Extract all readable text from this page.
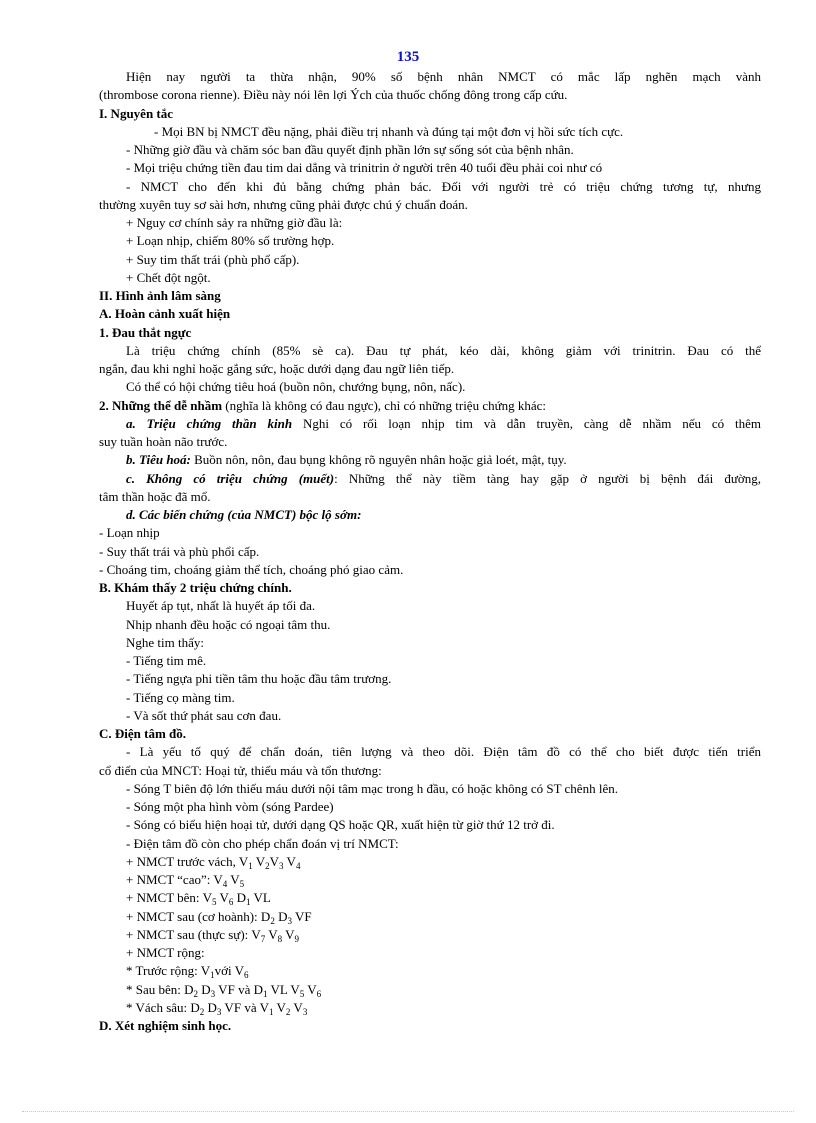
135
Hiện nay người ta thừa nhận, 90% số bệnh nhân NMCT có mắc lấp nghẽn mạch vành
(thrombose corona rienne). Điều này nói lên lợi Ých của thuốc chống đông trong cấp cứu.
I. Nguyên tắc
- Mọi BN bị NMCT đều nặng, phải điều trị nhanh và đúng tại một đơn vị hồi sức tích cực.
- Những giờ đầu và chăm sóc ban đầu quyết định phần lớn sự sống sót của bệnh nhân.
- Mọi triệu chứng tiền đau tim dai dẳng và trinitrin ở người trên 40 tuổi đều phải coi như có
- NMCT cho đến khi đủ bằng chứng phản bác. Đối với người trẻ có triệu chứng tương tự, nhưng
thường xuyên tuy sơ sài hơn, nhưng cũng phải được chú ý chuẩn đoán.
+ Nguy cơ chính sảy ra những giờ đầu là:
+ Loạn nhịp, chiếm 80% số trường hợp.
+ Suy tim thất trái (phù phổ cấp).
+ Chết đột ngột.
II. Hình ảnh lâm sàng
A. Hoàn cảnh xuất hiện
1. Đau thắt ngực
Là triệu chứng chính (85% sè ca). Đau tự phát, kéo dài, không giảm với trinitrin. Đau có thể
ngắn, đau khi nghỉ hoặc gắng sức, hoặc dưới dạng đau ngữ liên tiếp.
Có thể có hội chứng tiêu hoá (buồn nôn, chướng bụng, nôn, nấc).
2. Những thể dễ nhầm (nghĩa là không có đau ngực), chỉ có những triệu chứng khác:
a. Triệu chứng thần kinh Nghi có rối loạn nhịp tim và dẫn truyền, càng dễ nhầm nếu có thêm
suy tuần hoàn não trước.
b. Tiêu hoá: Buồn nôn, nôn, đau bụng không rõ nguyên nhân hoặc giả loét, mật, tụy.
c. Không có triệu chứng (muết): Những thể này tiềm tàng hay gặp ở người bị bệnh đái đường,
tâm thần hoặc đã mổ.
d. Các biến chứng (của NMCT) bộc lộ sớm:
- Loạn nhịp
- Suy thất trái và phù phổi cấp.
- Choáng tim, choáng giảm thể tích, choáng phó giao cảm.
B. Khám thấy 2 triệu chứng chính.
Huyết áp tụt, nhất là huyết áp tối đa.
Nhịp nhanh đều hoặc có ngoại tâm thu.
Nghe tim thấy:
- Tiếng tim mê.
- Tiếng ngựa phi tiền tâm thu hoặc đầu tâm trương.
- Tiếng cọ màng tim.
- Và sốt thứ phát sau cơn đau.
C. Điện tâm đồ.
- Là yếu tố quý để chẩn đoán, tiên lượng và theo dõi. Điện tâm đồ có thể cho biết được tiến triển
cổ điển của MNCT: Hoại tử, thiếu máu và tổn thương:
- Sóng T biên độ lớn thiếu máu dưới nội tâm mạc trong h đầu, có hoặc không có ST chênh lên.
- Sóng một pha hình vòm (sóng Pardee)
- Sóng có biểu hiện hoại tử, dưới dạng QS hoặc QR, xuất hiện từ giờ thứ 12 trở đi.
- Điện tâm đồ còn cho phép chẩn đoán vị trí NMCT:
+ NMCT trước vách, $V_1$ $V_2V_3$ $V_4$
+ NMCT “cao”: $V_4$ $V_5$
+ NMCT bên: $V_5$ $V_6$ $D_1$ VL
+ NMCT sau (cơ hoành): $D_2$ $D_3$ VF
+ NMCT sau (thực sự): $V_7$ $V_8$ $V_9$
+ NMCT rộng:
* Trước rộng: $V_1với$ $V_6$
* Sau bên: $D_2$ $D_3$ VF và $D_1$ VL $V_5$ $V_6$
* Vách sâu: $D_2$ $D_3$ VF và $V_1$ $V_2$ $V_3$
D. Xét nghiệm sinh học.
